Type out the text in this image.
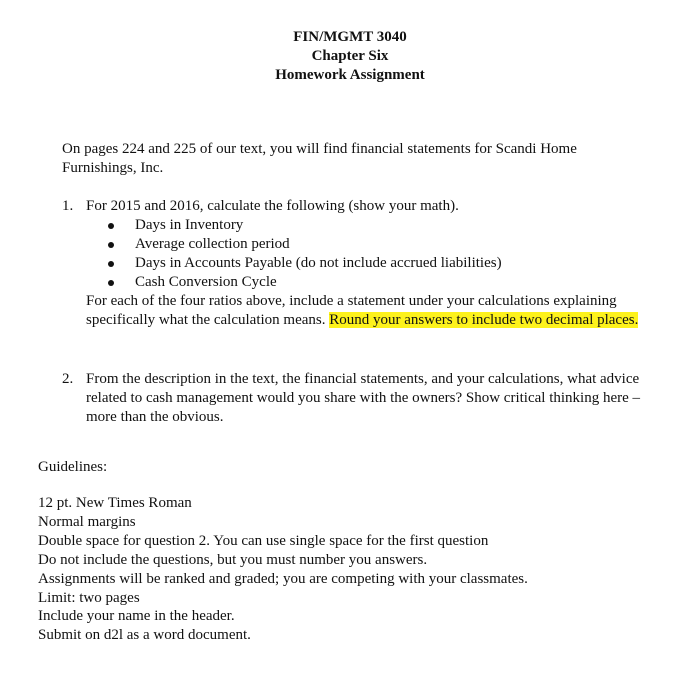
FIN/MGMT 3040
Chapter Six
Homework Assignment
On pages 224 and 225 of our text, you will find financial statements for Scandi Home Furnishings, Inc.
1. For 2015 and 2016, calculate the following (show your math).
Days in Inventory
Average collection period
Days in Accounts Payable (do not include accrued liabilities)
Cash Conversion Cycle
For each of the four ratios above, include a statement under your calculations explaining specifically what the calculation means. Round your answers to include two decimal places.
2. From the description in the text, the financial statements, and your calculations, what advice related to cash management would you share with the owners? Show critical thinking here – more than the obvious.
Guidelines:
12 pt. New Times Roman
Normal margins
Double space for question 2. You can use single space for the first question
Do not include the questions, but you must number you answers.
Assignments will be ranked and graded; you are competing with your classmates.
Limit: two pages
Include your name in the header.
Submit on d2l as a word document.
